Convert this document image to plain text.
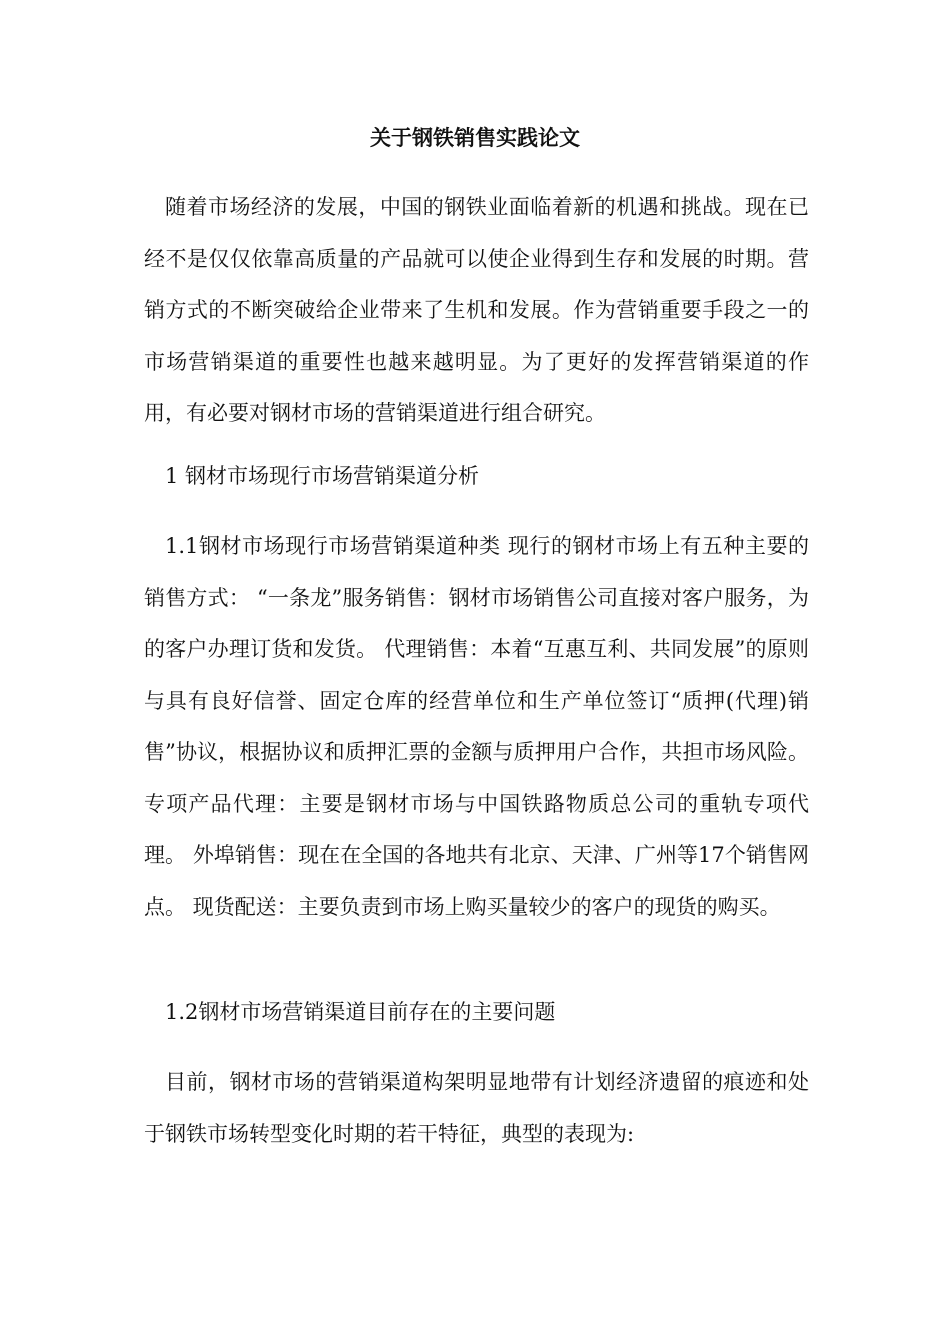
关于钢铁销售实践论文

随着市场经济的发展，中国的钢铁业面临着新的机遇和挑战。现在已经不是仅仅依靠高质量的产品就可以使企业得到生存和发展的时期。营销方式的不断突破给企业带来了生机和发展。作为营销重要手段之一的市场营销渠道的重要性也越来越明显。为了更好的发挥营销渠道的作用，有必要对钢材市场的营销渠道进行组合研究。

1 钢材市场现行市场营销渠道分析

1.1钢材市场现行市场营销渠道种类 现行的钢材市场上有五种主要的销售方式： “一条龙”服务销售：钢材市场销售公司直接对客户服务，为的客户办理订货和发货。 代理销售：本着“互惠互利、共同发展”的原则与具有良好信誉、固定仓库的经营单位和生产单位签订“质押(代理)销售”协议，根据协议和质押汇票的金额与质押用户合作，共担市场风险。 专项产品代理：主要是钢材市场与中国铁路物质总公司的重轨专项代理。 外埠销售：现在在全国的各地共有北京、天津、广州等17个销售网点。 现货配送：主要负责到市场上购买量较少的客户的现货的购买。

1.2钢材市场营销渠道目前存在的主要问题

目前，钢材市场的营销渠道构架明显地带有计划经济遗留的痕迹和处于钢铁市场转型变化时期的若干特征，典型的表现为:
